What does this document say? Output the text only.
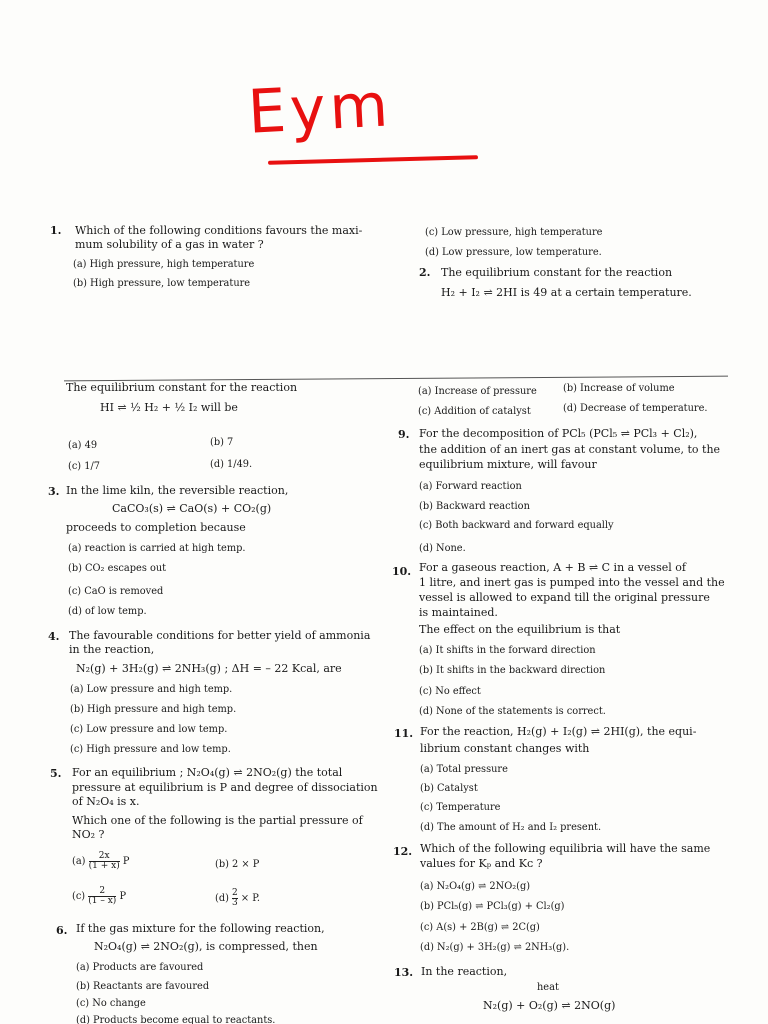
Eym
1. Which of the following conditions favours the maxi-
mum solubility of a gas in water ?
(a) High pressure, high temperature
(b) High pressure, low temperature
(c) Low pressure, high temperature
(d) Low pressure, low temperature.
2. The equilibrium constant for the reaction
H₂ + I₂ ⇌ 2HI is 49 at a certain temperature.
The equilibrium constant for the reaction
HI ⇌ ½ H₂ + ½ I₂ will be
(a) 49	(b) 7
(c) 1/7	(d) 1/49.
3. In the lime kiln, the reversible reaction,
CaCO₃(s) ⇌ CaO(s) + CO₂(g)
proceeds to completion because
(a) reaction is carried at high temp.
(b) CO₂ escapes out
(c) CaO is removed
(d) of low temp.
4. The favourable conditions for better yield of ammonia
in the reaction,
N₂(g) + 3H₂(g) ⇌ 2NH₃(g) ; ΔH = – 22 Kcal, are
(a) Low pressure and high temp.
(b) High pressure and high temp.
(c) Low pressure and low temp.
(c) High pressure and low temp.
5. For an equilibrium ; N₂O₄(g) ⇌ 2NO₂(g) the total
pressure at equilibrium is P and degree of dissociation
of N₂O₄ is x.
Which one of the following is the partial pressure of
NO₂ ?
$(a) \frac{2x}{(1 + x)}$ P	(b) 2 × P
$(c) \frac{2}{(1 - x)}$ P	$(d) \frac{2}{3} \times P$.
6. If the gas mixture for the following reaction,
N₂O₄(g) ⇌ 2NO₂(g), is compressed, then
(a) Products are favoured
(b) Reactants are favoured
(c) No change
(d) Products become equal to reactants.
(a) Increase of pressure	(b) Increase of volume
(c) Addition of catalyst	(d) Decrease of temperature.
9. For the decomposition of PCl₅ (PCl₅ ⇌ PCl₃ + Cl₂),
the addition of an inert gas at constant volume, to the
equilibrium mixture, will favour
(a) Forward reaction
(b) Backward reaction
(c) Both backward and forward equally
(d) None.
10. For a gaseous reaction, A + B ⇌ C in a vessel of
1 litre, and inert gas is pumped into the vessel and the
vessel is allowed to expand till the original pressure
is maintained.
The effect on the equilibrium is that
(a) It shifts in the forward direction
(b) It shifts in the backward direction
(c) No effect
(d) None of the statements is correct.
11. For the reaction, H₂(g) + I₂(g) ⇌ 2HI(g), the equi-
librium constant changes with
(a) Total pressure
(b) Catalyst
(c) Temperature
(d) The amount of H₂ and I₂ present.
12. Which of the following equilibria will have the same
values for Kₚ and Kᴄ ?
(a) N₂O₄(g) ⇌ 2NO₂(g)
(b) PCl₅(g) ⇌ PCl₃(g) + Cl₂(g)
(c) A(s) + 2B(g) ⇌ 2C(g)
(d) N₂(g) + 3H₂(g) ⇌ 2NH₃(g).
13. In the reaction,
heat
N₂(g) + O₂(g) ⇌ 2NO(g)
